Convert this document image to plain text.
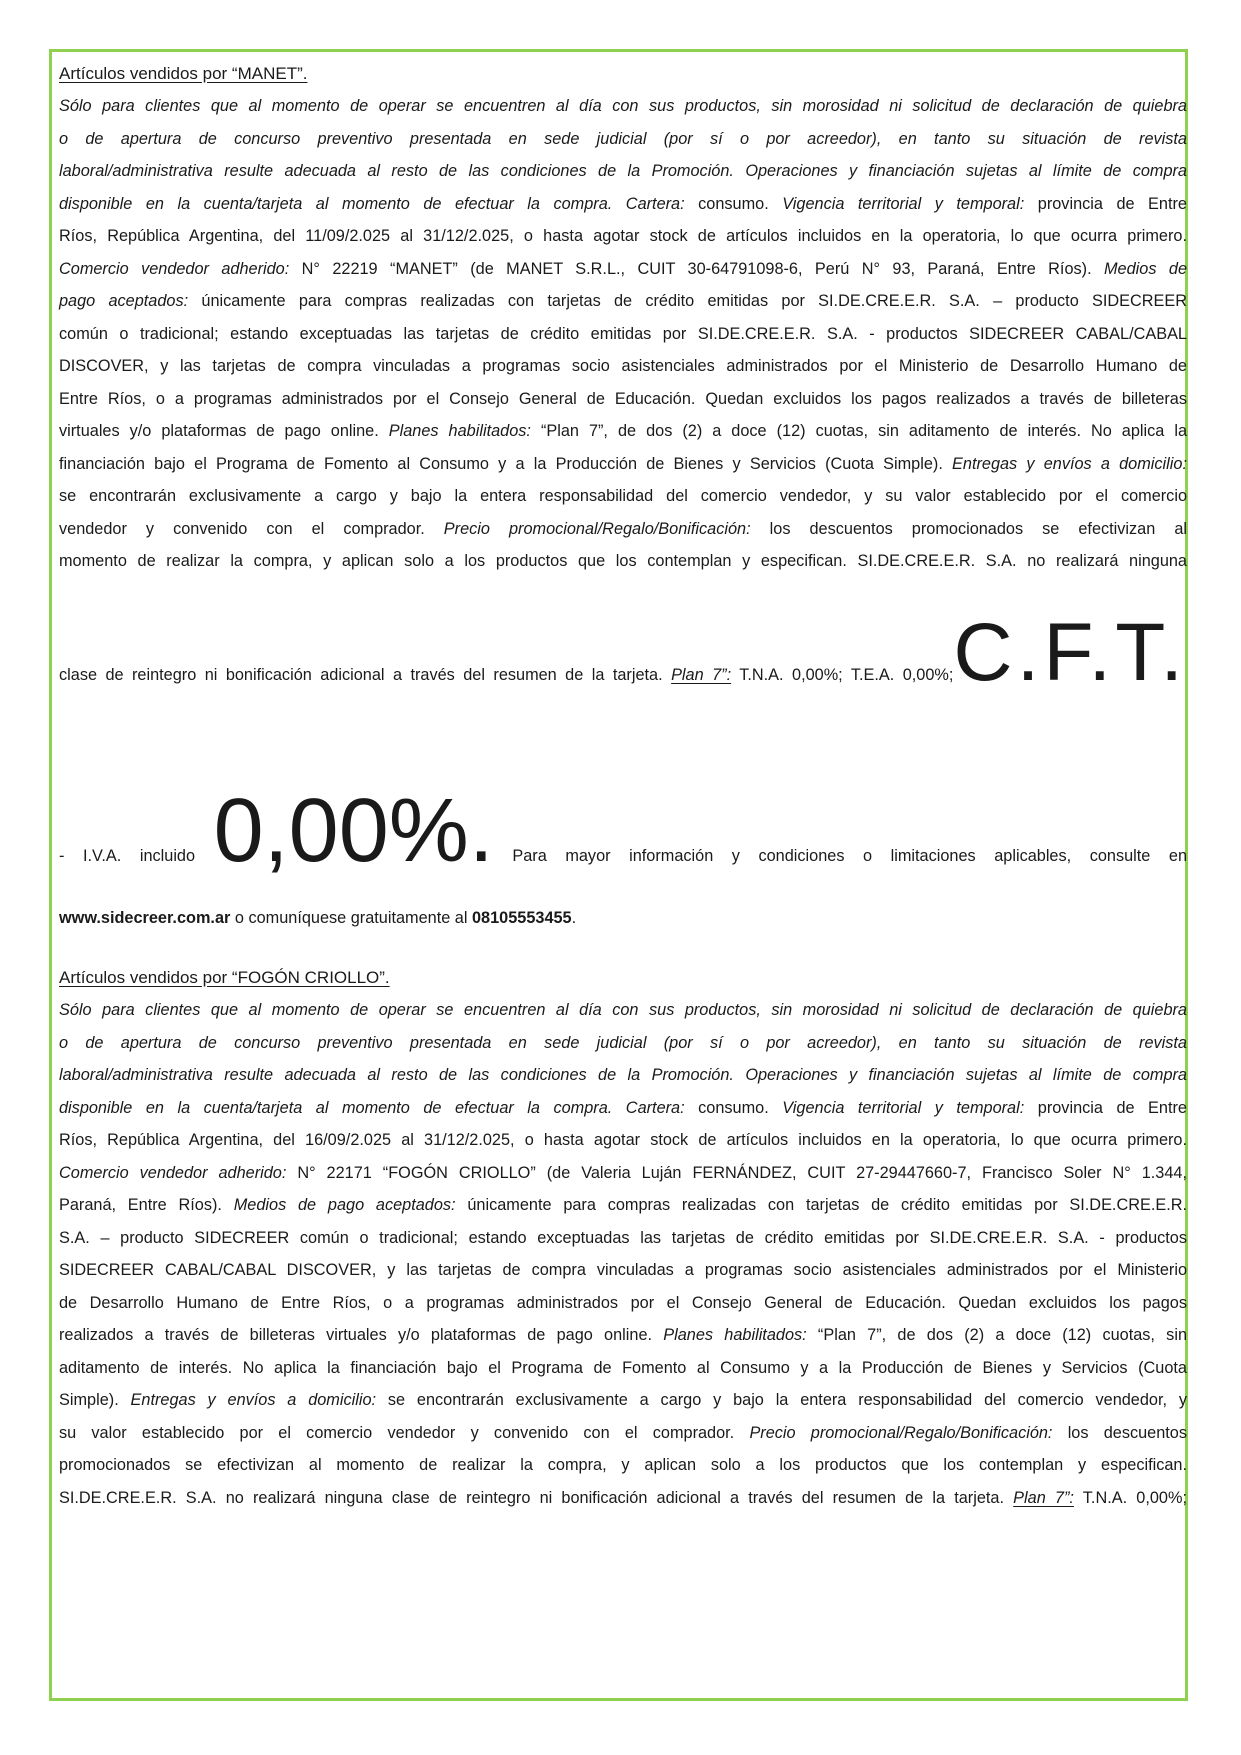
Artículos vendidos por “MANET”.
Sólo para clientes que al momento de operar se encuentren al día con sus productos, sin morosidad ni solicitud de declaración de quiebra
o de apertura de concurso preventivo presentada en sede judicial (por sí o por acreedor), en tanto su situación de revista
laboral/administrativa resulte adecuada al resto de las condiciones de la Promoción. Operaciones y financiación sujetas al límite de compra
disponible en la cuenta/tarjeta al momento de efectuar la compra. Cartera: consumo. Vigencia territorial y temporal: provincia de Entre
Ríos, República Argentina, del 11/09/2.025 al 31/12/2.025, o hasta agotar stock de artículos incluidos en la operatoria, lo que ocurra primero.
Comercio vendedor adherido: N° 22219 “MANET” (de MANET S.R.L., CUIT 30-64791098-6, Perú N° 93, Paraná, Entre Ríos). Medios de
pago aceptados: únicamente para compras realizadas con tarjetas de crédito emitidas por SI.DE.CRE.E.R. S.A. – producto SIDECREER
común o tradicional; estando exceptuadas las tarjetas de crédito emitidas por SI.DE.CRE.E.R. S.A. - productos SIDECREER CABAL/CABAL
DISCOVER, y las tarjetas de compra vinculadas a programas socio asistenciales administrados por el Ministerio de Desarrollo Humano de
Entre Ríos, o a programas administrados por el Consejo General de Educación. Quedan excluidos los pagos realizados a través de billeteras
virtuales y/o plataformas de pago online. Planes habilitados: “Plan 7”, de dos (2) a doce (12) cuotas, sin aditamento de interés. No aplica la
financiación bajo el Programa de Fomento al Consumo y a la Producción de Bienes y Servicios (Cuota Simple). Entregas y envíos a domicilio:
se encontrarán exclusivamente a cargo y bajo la entera responsabilidad del comercio vendedor, y su valor establecido por el comercio
vendedor y convenido con el comprador. Precio promocional/Regalo/Bonificación: los descuentos promocionados se efectivizan al
momento de realizar la compra, y aplican solo a los productos que los contemplan y especifican. SI.DE.CRE.E.R. S.A. no realizará ninguna
clase de reintegro ni bonificación adicional a través del resumen de la tarjeta. Plan 7”: T.N.A. 0,00%; T.E.A. 0,00%;C.F.T.
- I.V.A. incluido 0,00%. Para mayor información y condiciones o limitaciones aplicables, consulte en
www.sidecreer.com.ar o comuníquese gratuitamente al 08105553455.
Artículos vendidos por “FOGÓN CRIOLLO”.
Sólo para clientes que al momento de operar se encuentren al día con sus productos, sin morosidad ni solicitud de declaración de quiebra
o de apertura de concurso preventivo presentada en sede judicial (por sí o por acreedor), en tanto su situación de revista
laboral/administrativa resulte adecuada al resto de las condiciones de la Promoción. Operaciones y financiación sujetas al límite de compra
disponible en la cuenta/tarjeta al momento de efectuar la compra. Cartera: consumo. Vigencia territorial y temporal: provincia de Entre
Ríos, República Argentina, del 16/09/2.025 al 31/12/2.025, o hasta agotar stock de artículos incluidos en la operatoria, lo que ocurra primero.
Comercio vendedor adherido: N° 22171 “FOGÓN CRIOLLO” (de Valeria Luján FERNÁNDEZ, CUIT 27-29447660-7, Francisco Soler N° 1.344,
Paraná, Entre Ríos). Medios de pago aceptados: únicamente para compras realizadas con tarjetas de crédito emitidas por SI.DE.CRE.E.R.
S.A. – producto SIDECREER común o tradicional; estando exceptuadas las tarjetas de crédito emitidas por SI.DE.CRE.E.R. S.A. - productos
SIDECREER CABAL/CABAL DISCOVER, y las tarjetas de compra vinculadas a programas socio asistenciales administrados por el Ministerio
de Desarrollo Humano de Entre Ríos, o a programas administrados por el Consejo General de Educación. Quedan excluidos los pagos
realizados a través de billeteras virtuales y/o plataformas de pago online. Planes habilitados: “Plan 7”, de dos (2) a doce (12) cuotas, sin
aditamento de interés. No aplica la financiación bajo el Programa de Fomento al Consumo y a la Producción de Bienes y Servicios (Cuota
Simple). Entregas y envíos a domicilio: se encontrarán exclusivamente a cargo y bajo la entera responsabilidad del comercio vendedor, y
su valor establecido por el comercio vendedor y convenido con el comprador. Precio promocional/Regalo/Bonificación: los descuentos
promocionados se efectivizan al momento de realizar la compra, y aplican solo a los productos que los contemplan y especifican.
SI.DE.CRE.E.R. S.A. no realizará ninguna clase de reintegro ni bonificación adicional a través del resumen de la tarjeta. Plan 7”: T.N.A. 0,00%;
